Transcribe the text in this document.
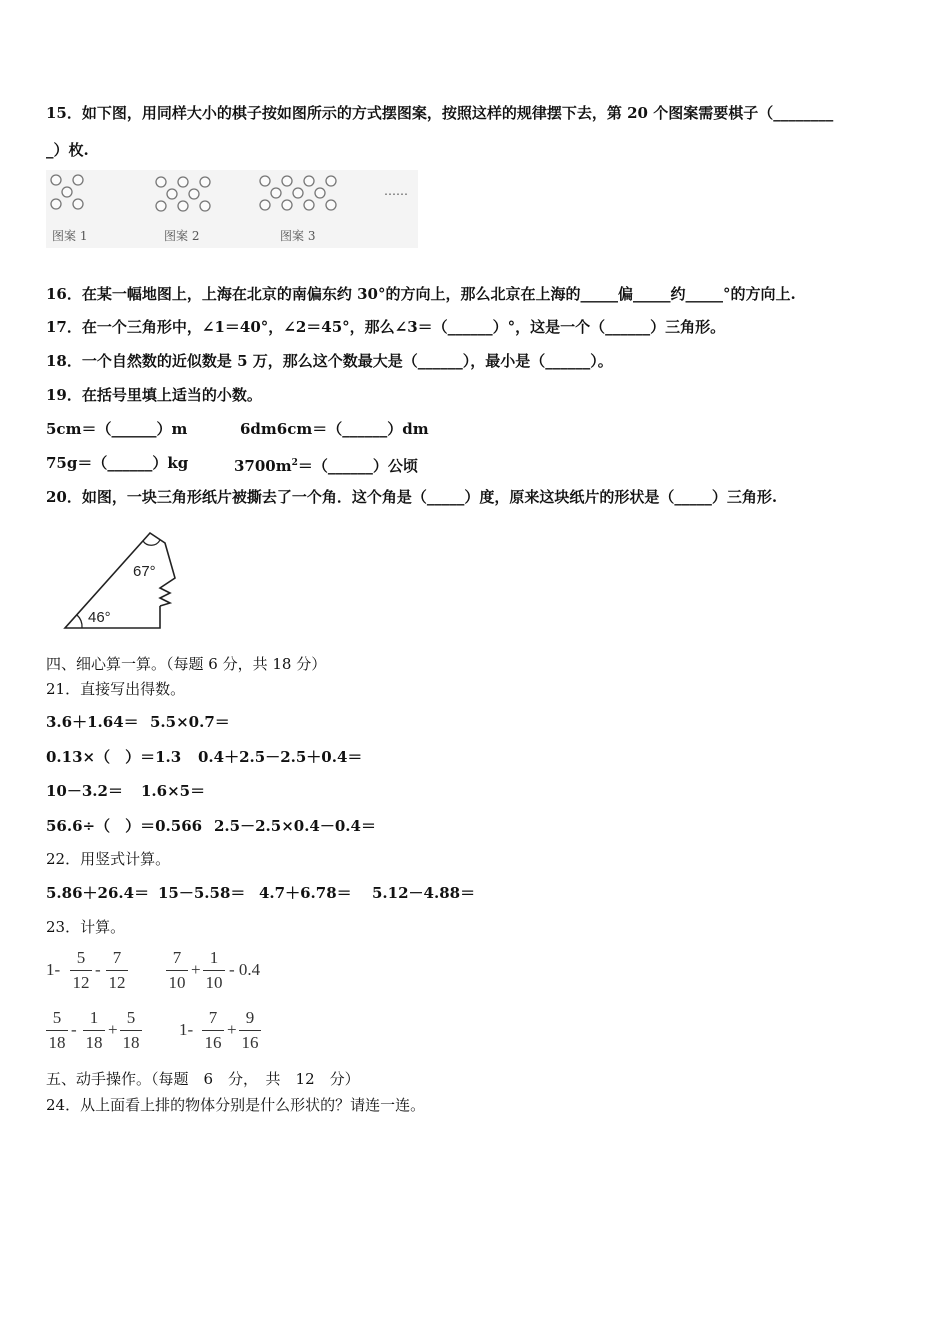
15．如下图，用同样大小的棋子按如图所示的方式摆图案，按照这样的规律摆下去，第 20 个图案需要棋子（________
_）枚.
图案 1	图案 2	图案 3
……
16．在某一幅地图上，上海在北京的南偏东约 30°的方向上，那么北京在上海的_____偏_____约_____°的方向上.
17．在一个三角形中，∠1＝40°，∠2＝45°，那么∠3＝（______）°，这是一个（______）三角形。
18．一个自然数的近似数是 5 万，那么这个数最大是（______），最小是（______）。
19．在括号里填上适当的小数。
5cm＝（______）m	6dm6cm＝（______）dm
75g＝（______）kg	$3700m^2=(\_\_\_\_\_\_)$公顷
20．如图，一块三角形纸片被撕去了一个角．这个角是（_____）度，原来这块纸片的形状是（_____）三角形.
67°
46°
四、细心算一算。（每题 6 分，共 18 分）
21．直接写出得数。
3.6＋1.64＝ 5.5×0.7＝
0.13×（　）＝1.3 0.4＋2.5－2.5＋0.4＝
10－3.2＝ 1.6×5＝
56.6÷（　）＝0.566 2.5－2.5×0.4－0.4＝
22．用竖式计算。
5.86＋26.4＝ 15－5.58＝ 4.7＋6.78＝ 5.12－4.88＝
23．计算。
1-
5
12
-
7
12
7
10
+
1
10
- 0.4
5
18
-
1
18
+
5
18
1-
7
16
+
9
16
五、动手操作。（每题　6　分，　共　12　分）
24．从上面看上排的物体分别是什么形状的？请连一连。
